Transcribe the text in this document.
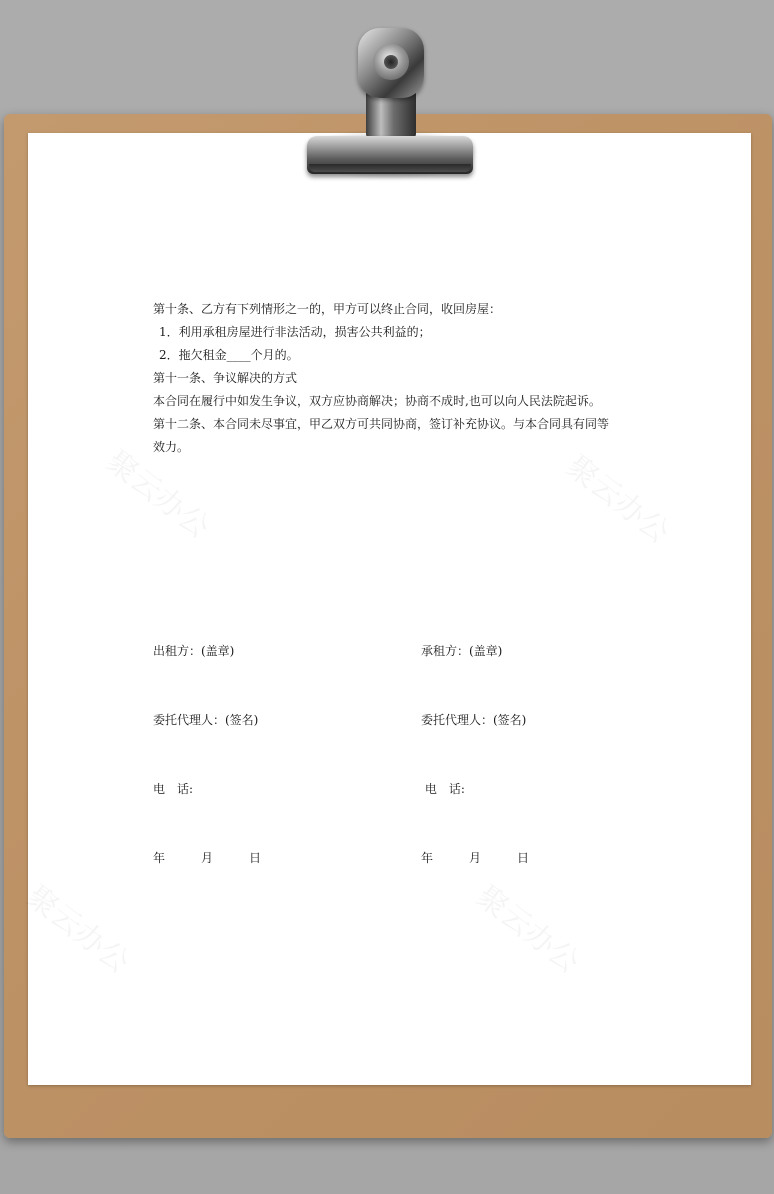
第十条、乙方有下列情形之一的，甲方可以终止合同，收回房屋：

1．利用承租房屋进行非法活动，损害公共利益的；

2．拖欠租金____个月的。

第十一条、争议解决的方式

本合同在履行中如发生争议，双方应协商解决；协商不成时,也可以向人民法院起诉。

第十二条、本合同未尽事宜，甲乙双方可共同协商，签订补充协议。与本合同具有同等

效力。

出租方：(盖章)

委托代理人：(签名)

电　话:

年　　　月　　　日

承租方：(盖章)

委托代理人：(签名)

电　话:

年　　　月　　　日
